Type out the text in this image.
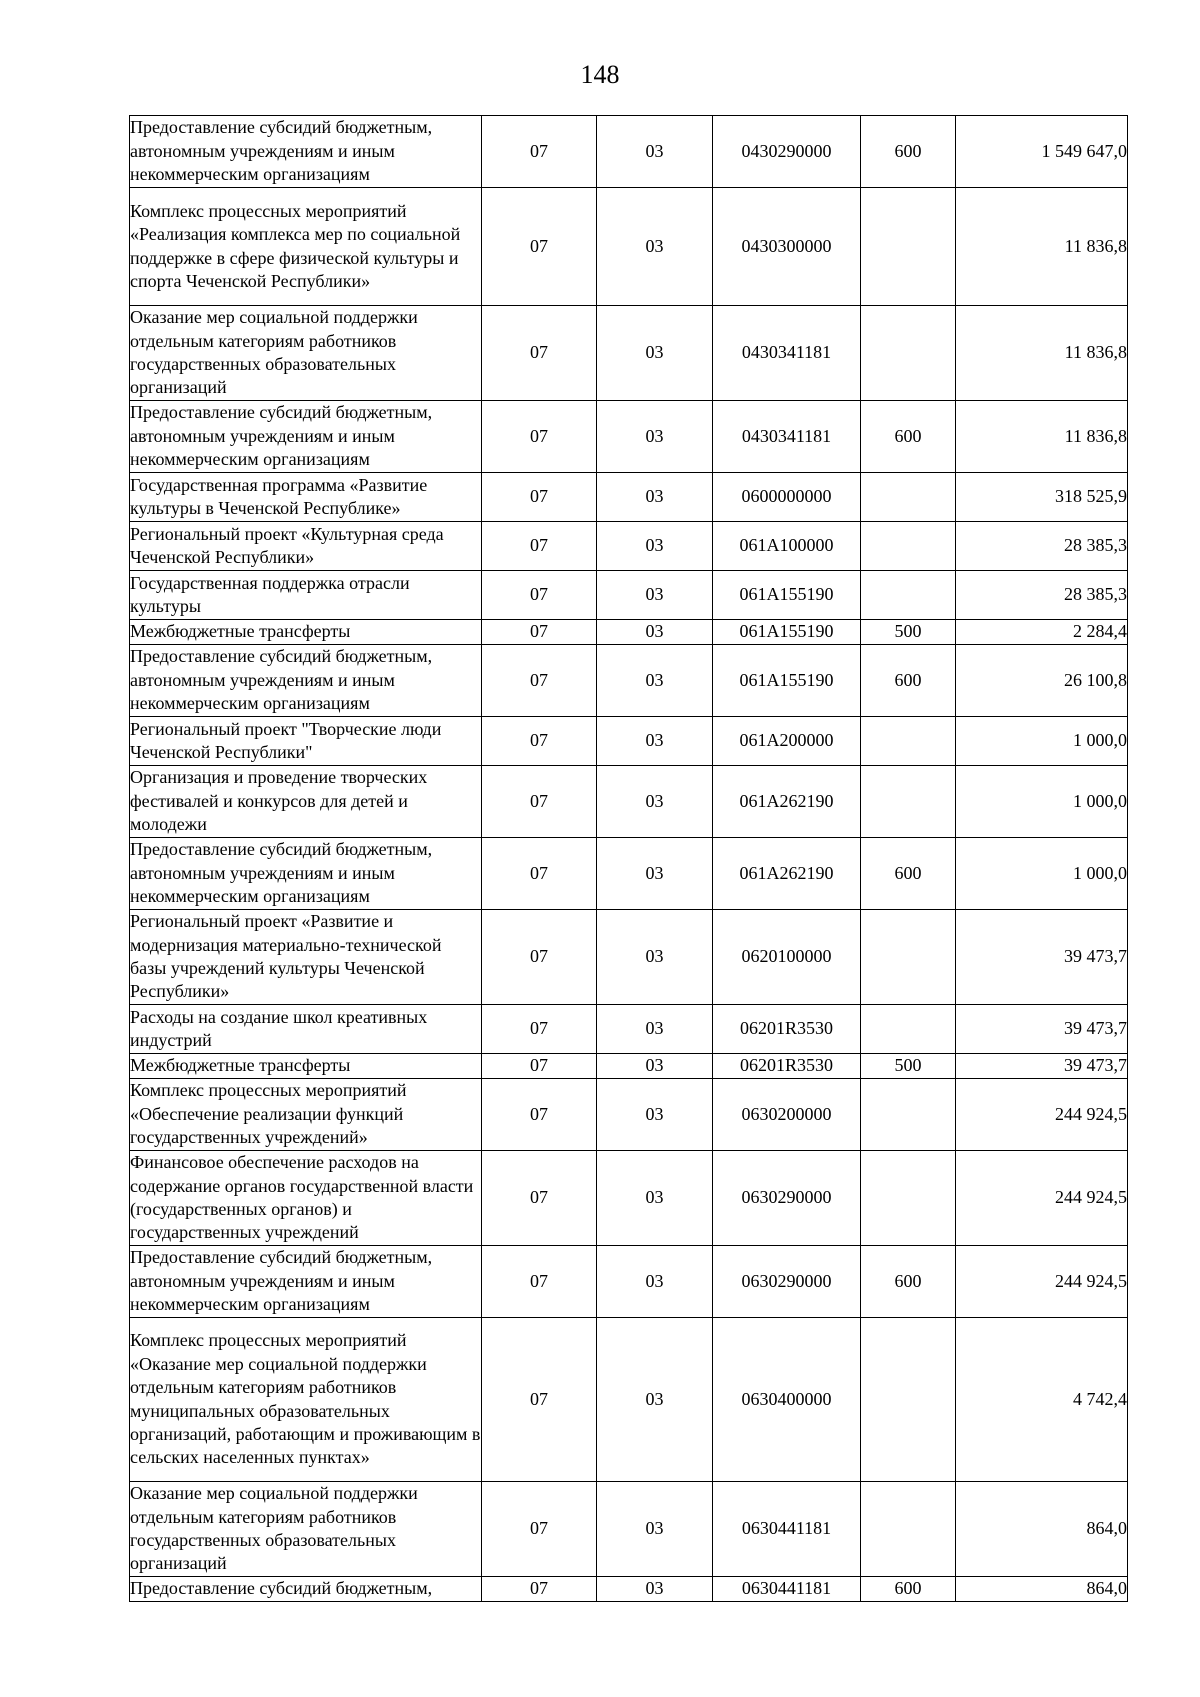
148
Предоставление субсидий бюджетным, автономным учреждениям и иным некоммерческим организациям	07	03	0430290000	600	1 549 647,0
Комплекс процессных мероприятий «Реализация комплекса мер по социальной поддержке в сфере физической культуры и спорта Чеченской Республики»	07	03	0430300000		11 836,8
Оказание мер социальной поддержки отдельным категориям работников государственных образовательных организаций	07	03	0430341181		11 836,8
Предоставление субсидий бюджетным, автономным учреждениям и иным некоммерческим организациям	07	03	0430341181	600	11 836,8
Государственная программа «Развитие культуры в Чеченской Республике»	07	03	0600000000		318 525,9
Региональный проект «Культурная среда Чеченской Республики»	07	03	061А100000		28 385,3
Государственная поддержка отрасли культуры	07	03	061А155190		28 385,3
Межбюджетные трансферты	07	03	061А155190	500	2 284,4
Предоставление субсидий бюджетным, автономным учреждениям и иным некоммерческим организациям	07	03	061А155190	600	26 100,8
Региональный проект "Творческие люди Чеченской Республики"	07	03	061А200000		1 000,0
Организация и проведение творческих фестивалей и конкурсов для детей и молодежи	07	03	061А262190		1 000,0
Предоставление субсидий бюджетным, автономным учреждениям и иным некоммерческим организациям	07	03	061А262190	600	1 000,0
Региональный проект «Развитие и модернизация материально-технической базы учреждений культуры Чеченской Республики»	07	03	0620100000		39 473,7
Расходы на создание школ креативных индустрий	07	03	06201R3530		39 473,7
Межбюджетные трансферты	07	03	06201R3530	500	39 473,7
Комплекс процессных мероприятий «Обеспечение реализации функций государственных учреждений»	07	03	0630200000		244 924,5
Финансовое обеспечение расходов на содержание органов государственной власти (государственных органов) и государственных учреждений	07	03	0630290000		244 924,5
Предоставление субсидий бюджетным, автономным учреждениям и иным некоммерческим организациям	07	03	0630290000	600	244 924,5
Комплекс процессных мероприятий «Оказание мер социальной поддержки отдельным категориям работников муниципальных образовательных организаций, работающим и проживающим в сельских населенных пунктах»	07	03	0630400000		4 742,4
Оказание мер социальной поддержки отдельным категориям работников государственных образовательных организаций	07	03	0630441181		864,0
Предоставление субсидий бюджетным,	07	03	0630441181	600	864,0
